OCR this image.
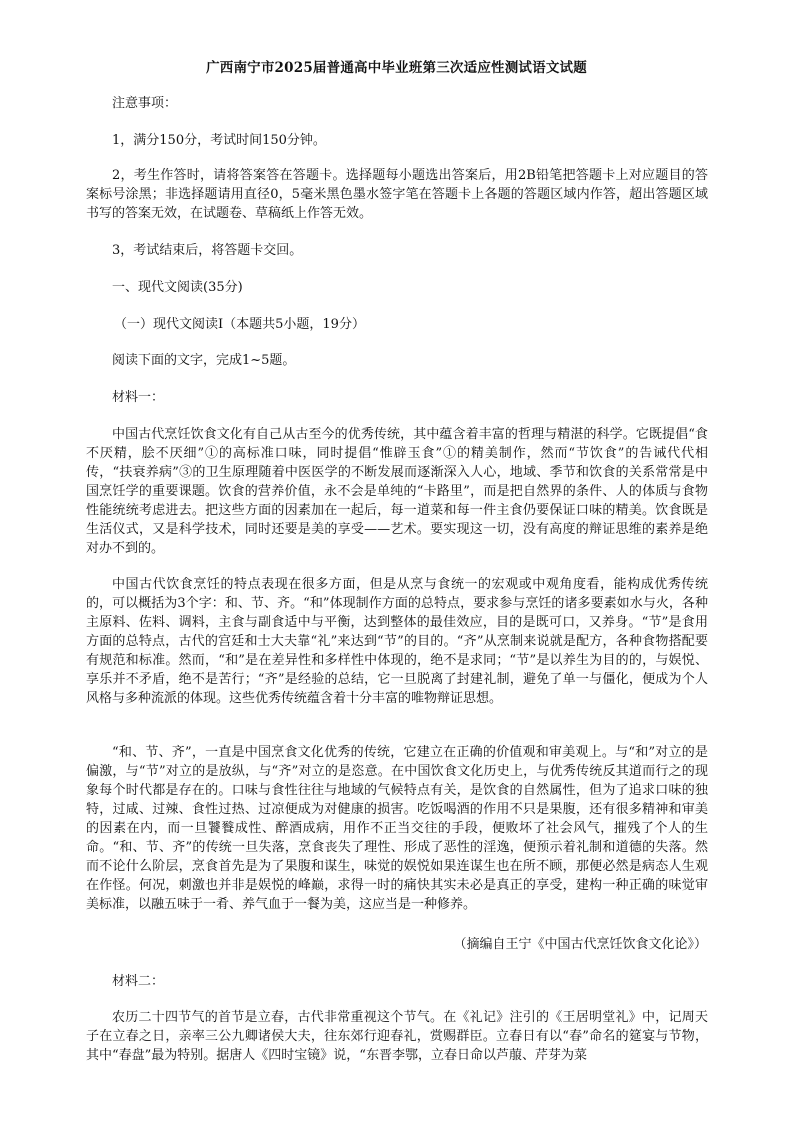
广西南宁市2025届普通高中毕业班第三次适应性测试语文试题
注意事项：
1，满分150分，考试时间150分钟。
2，考生作答时，请将答案答在答题卡。选择题每小题选出答案后，用2B铅笔把答题卡上对应题目的答案标号涂黑；非选择题请用直径0，5毫米黑色墨水签字笔在答题卡上各题的答题区域内作答，超出答题区域书写的答案无效，在试题卷、草稿纸上作答无效。
3，考试结束后，将答题卡交回。
一、现代文阅读(35分)
（一）现代文阅读Ⅰ（本题共5小题，19分）
阅读下面的文字，完成1~5题。
材料一：
中国古代烹饪饮食文化有自己从古至今的优秀传统，其中蕴含着丰富的哲理与精湛的科学。它既提倡“食不厌精，脍不厌细”①的高标准口味，同时提倡“惟辟玉食”①的精美制作，然而“节饮食”的告诫代代相传，“扶衰养病”③的卫生原理随着中医医学的不断发展而逐渐深入人心，地域、季节和饮食的关系常常是中国烹饪学的重要课题。饮食的营养价值，永不会是单纯的“卡路里”，而是把自然界的条件、人的体质与食物性能统统考虑进去。把这些方面的因素加在一起后，每一道菜和每一件主食仍要保证口味的精美。饮食既是生活仪式，又是科学技术，同时还要是美的享受——艺术。要实现这一切，没有高度的辩证思维的素养是绝对办不到的。
中国古代饮食烹饪的特点表现在很多方面，但是从烹与食统一的宏观或中观角度看，能构成优秀传统的，可以概括为3个字：和、节、齐。“和”体现制作方面的总特点，要求参与烹饪的诸多要素如水与火，各种主原料、佐料、调料，主食与副食适中与平衡，达到整体的最佳效应，目的是既可口，又养身。“节”是食用方面的总特点，古代的宫廷和士大夫靠“礼”来达到“节”的目的。“齐”从烹制来说就是配方，各种食物搭配要有规范和标准。然而，“和”是在差异性和多样性中体现的，绝不是求同；“节”是以养生为目的的，与娱悦、享乐并不矛盾，绝不是苦行；“齐”是经验的总结，它一旦脱离了封建礼制，避免了单一与僵化，便成为个人风格与多种流派的体现。这些优秀传统蕴含着十分丰富的唯物辩证思想。
“和、节、齐”，一直是中国烹食文化优秀的传统，它建立在正确的价值观和审美观上。与“和”对立的是偏激，与“节”对立的是放纵，与“齐”对立的是恣意。在中国饮食文化历史上，与优秀传统反其道而行之的现象每个时代都是存在的。口味与食性往往与地域的气候特点有关，是饮食的自然属性，但为了追求口味的独特，过咸、过辣、食性过热、过凉便成为对健康的损害。吃饭喝酒的作用不只是果腹，还有很多精神和审美的因素在内，而一旦饕餮成性、醉酒成病，用作不正当交往的手段，便败坏了社会风气，摧残了个人的生命。“和、节、齐”的传统一旦失落，烹食丧失了理性、形成了恶性的淫逸，便预示着礼制和道德的失落。然而不论什么阶层，烹食首先是为了果腹和谋生，味觉的娱悦如果连谋生也在所不顾，那便必然是病态人生观在作怪。何况，刺激也并非是娱悦的峰巅，求得一时的痛快其实未必是真正的享受，建构一种正确的味觉审美标准，以融五味于一肴、养气血于一餐为美，这应当是一种修养。
（摘编自王宁《中国古代烹饪饮食文化论》）
材料二：
农历二十四节气的首节是立春，古代非常重视这个节气。在《礼记》注引的《王居明堂礼》中，记周天子在立春之日，亲率三公九卿诸侯大夫，往东郊行迎春礼，赏赐群臣。立春日有以“春”命名的筵宴与节物，其中“春盘”最为特别。据唐人《四时宝镜》说，“东晋李鄂，立春日命以芦菔、芹芽为菜
